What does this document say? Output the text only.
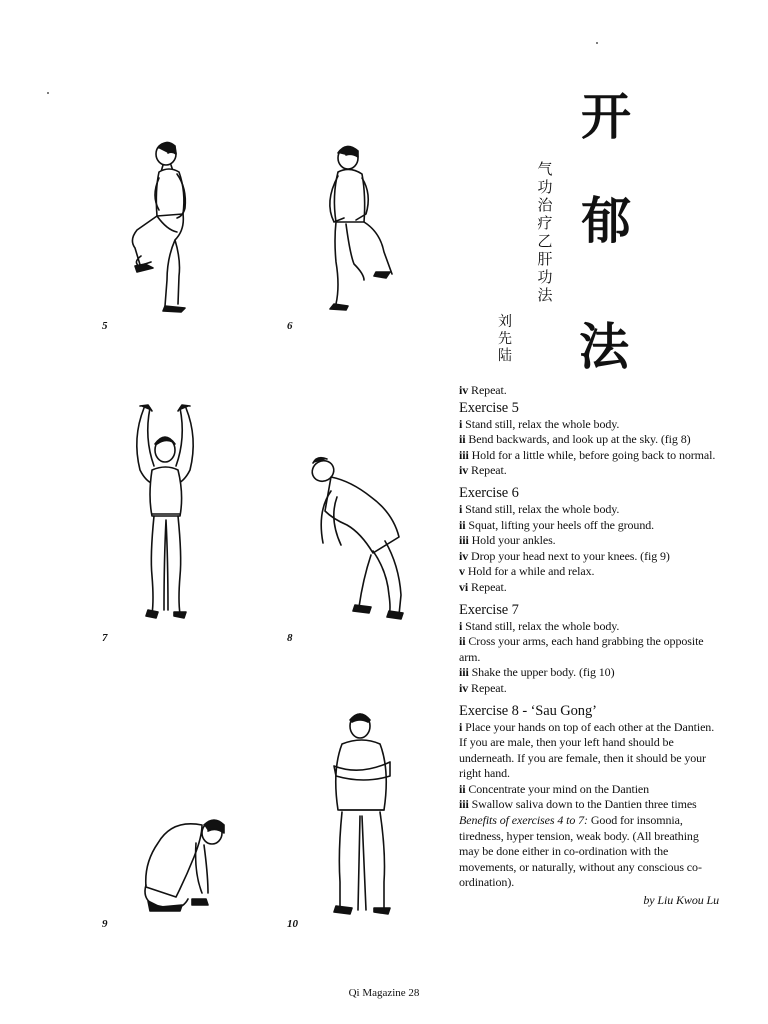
开
郁
法
气功治疗乙肝功法
刘先陆
5	6
7	8
9	10

iv Repeat.

Exercise 5

i Stand still, relax the whole body.

ii Bend backwards, and look up at the sky. (fig 8)

iii Hold for a little while, before going back to normal.

iv Repeat.

Exercise 6

i Stand still, relax the whole body.

ii Squat, lifting your heels off the ground.

iii Hold your ankles.

iv Drop your head next to your knees. (fig 9)

v Hold for a while and relax.

vi Repeat.

Exercise 7

i Stand still, relax the whole body.

ii Cross your arms, each hand grabbing the opposite arm.

iii Shake the upper body. (fig 10)

iv Repeat.

Exercise 8 - ‘Sau Gong’

i Place your hands on top of each other at the Dantien. If you are male, then your left hand should be underneath. If you are female, then it should be your right hand.

ii Concentrate your mind on the Dantien

iii Swallow saliva down to the Dantien three times

Benefits of exercises 4 to 7: Good for insomnia, tiredness, hyper tension, weak body. (All breathing may be done either in co-ordination with the movements, or naturally, without any conscious co-ordination).

by Liu Kwou Lu

Qi Magazine 28
